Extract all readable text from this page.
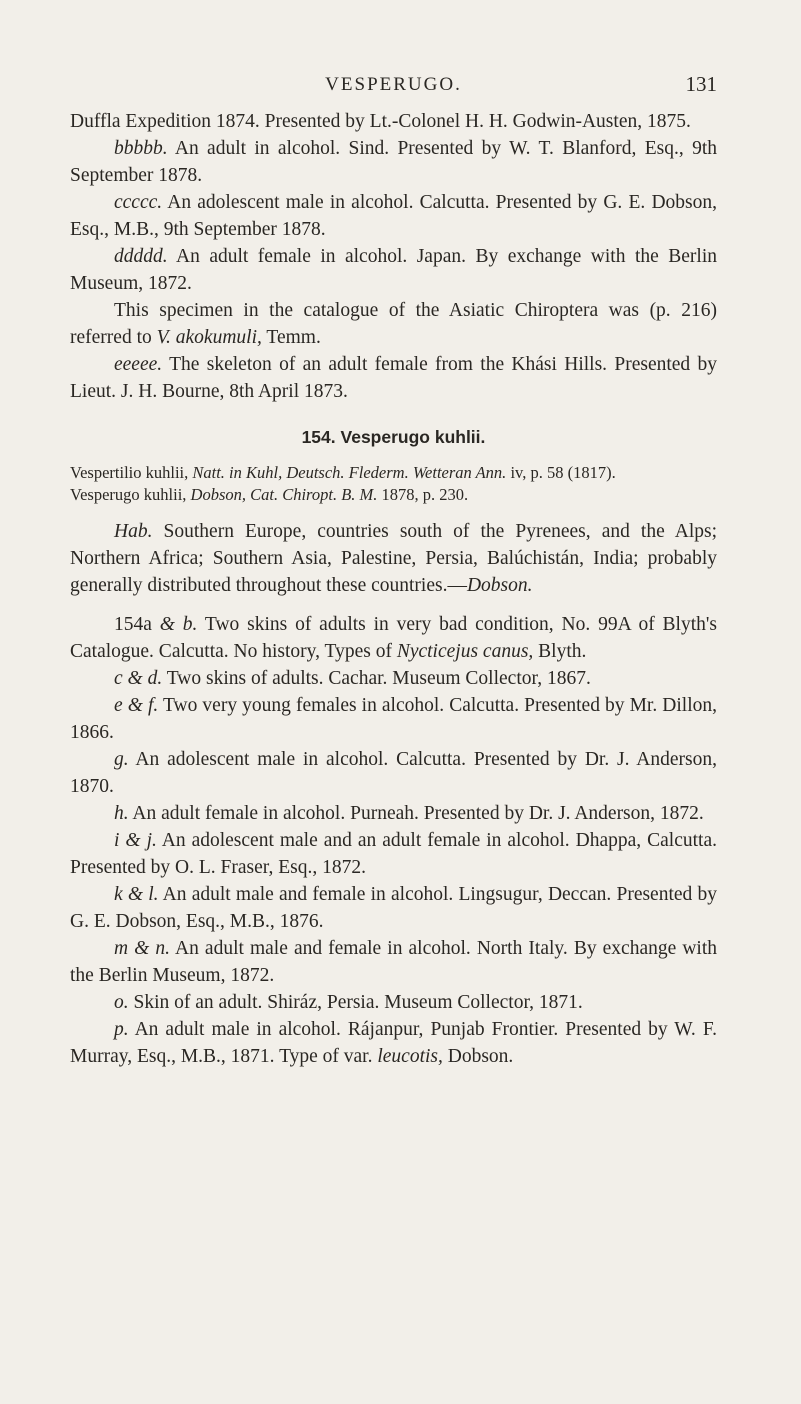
VESPERUGO.	131

Duffla Expedition 1874. Presented by Lt.-Colonel H. H. Godwin-Austen, 1875.

bbbbb. An adult in alcohol. Sind. Presented by W. T. Blanford, Esq., 9th September 1878.

ccccc. An adolescent male in alcohol. Calcutta. Presented by G. E. Dobson, Esq., M.B., 9th September 1878.

ddddd. An adult female in alcohol. Japan. By exchange with the Berlin Museum, 1872.

This specimen in the catalogue of the Asiatic Chiroptera was (p. 216) referred to V. akokumuli, Temm.

eeeee. The skeleton of an adult female from the Khási Hills. Presented by Lieut. J. H. Bourne, 8th April 1873.

154. Vesperugo kuhlii.

Vespertilio kuhlii, Natt. in Kuhl, Deutsch. Flederm. Wetteran Ann. iv, p. 58 (1817).

Vesperugo kuhlii, Dobson, Cat. Chiropt. B. M. 1878, p. 230.

Hab. Southern Europe, countries south of the Pyrenees, and the Alps; Northern Africa; Southern Asia, Palestine, Persia, Balúchistán, India; probably generally distributed throughout these countries.—Dobson.

154a & b. Two skins of adults in very bad condition, No. 99A of Blyth's Catalogue. Calcutta. No history, Types of Nycticejus canus, Blyth.

c & d. Two skins of adults. Cachar. Museum Collector, 1867.

e & f. Two very young females in alcohol. Calcutta. Presented by Mr. Dillon, 1866.

g. An adolescent male in alcohol. Calcutta. Presented by Dr. J. Anderson, 1870.

h. An adult female in alcohol. Purneah. Presented by Dr. J. Anderson, 1872.

i & j. An adolescent male and an adult female in alcohol. Dhappa, Calcutta. Presented by O. L. Fraser, Esq., 1872.

k & l. An adult male and female in alcohol. Lingsugur, Deccan. Presented by G. E. Dobson, Esq., M.B., 1876.

m & n. An adult male and female in alcohol. North Italy. By exchange with the Berlin Museum, 1872.

o. Skin of an adult. Shiráz, Persia. Museum Collector, 1871.

p. An adult male in alcohol. Rájanpur, Punjab Frontier. Presented by W. F. Murray, Esq., M.B., 1871. Type of var. leucotis, Dobson.
